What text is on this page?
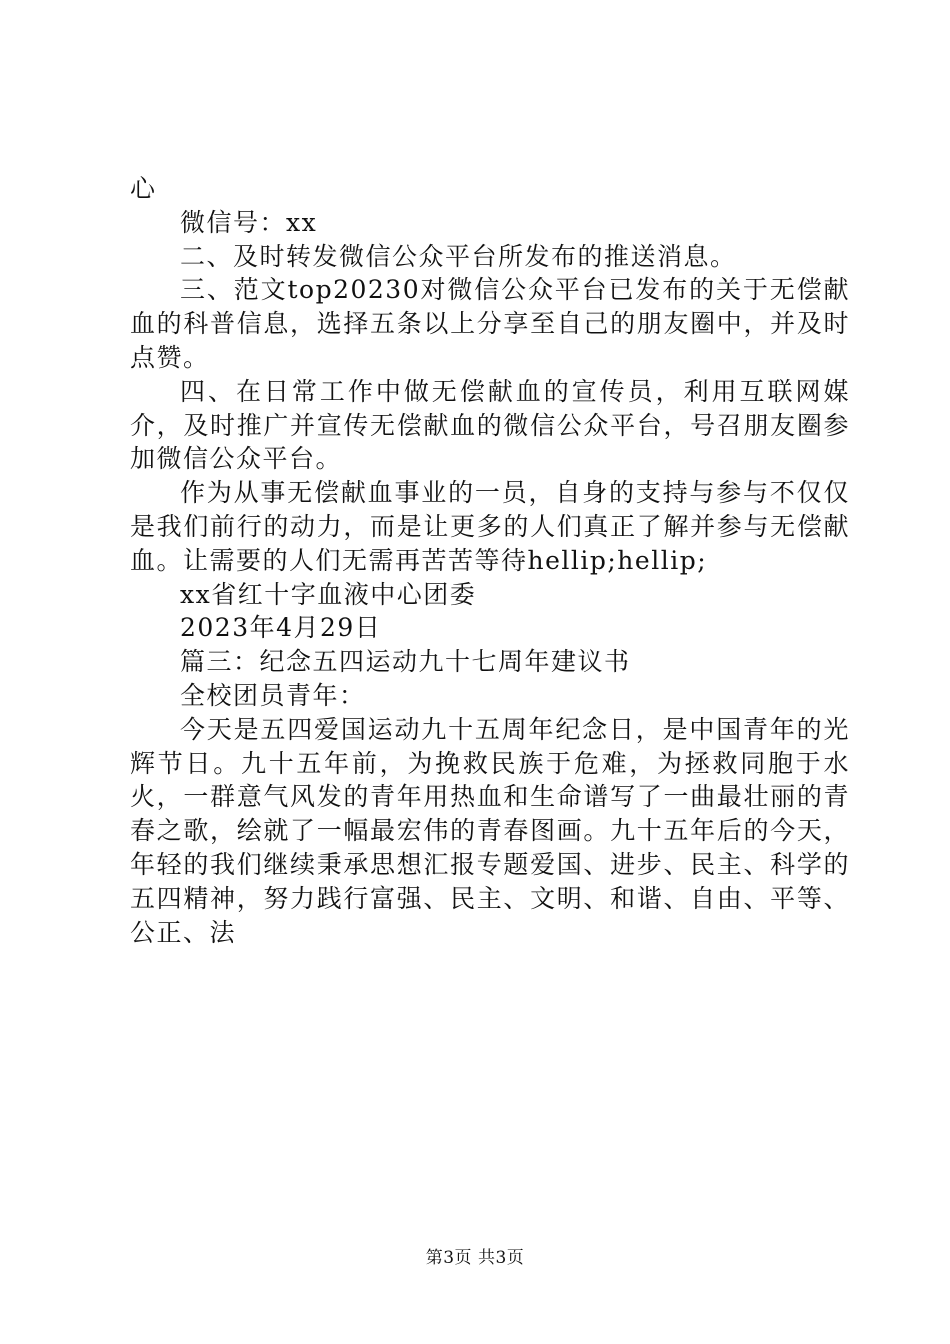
心

微信号：xx

二、及时转发微信公众平台所发布的推送消息。

三、范文top20230对微信公众平台已发布的关于无偿献血的科普信息，选择五条以上分享至自己的朋友圈中，并及时点赞。

四、在日常工作中做无偿献血的宣传员，利用互联网媒介，及时推广并宣传无偿献血的微信公众平台，号召朋友圈参加微信公众平台。

作为从事无偿献血事业的一员，自身的支持与参与不仅仅是我们前行的动力，而是让更多的人们真正了解并参与无偿献血。让需要的人们无需再苦苦等待hellip;hellip;

xx省红十字血液中心团委

2023年4月29日

篇三：纪念五四运动九十七周年建议书

全校团员青年：

今天是五四爱国运动九十五周年纪念日，是中国青年的光辉节日。九十五年前，为挽救民族于危难，为拯救同胞于水火，一群意气风发的青年用热血和生命谱写了一曲最壮丽的青春之歌，绘就了一幅最宏伟的青春图画。九十五年后的今天，年轻的我们继续秉承思想汇报专题爱国、进步、民主、科学的五四精神，努力践行富强、民主、文明、和谐、自由、平等、公正、法

第3页 共3页
